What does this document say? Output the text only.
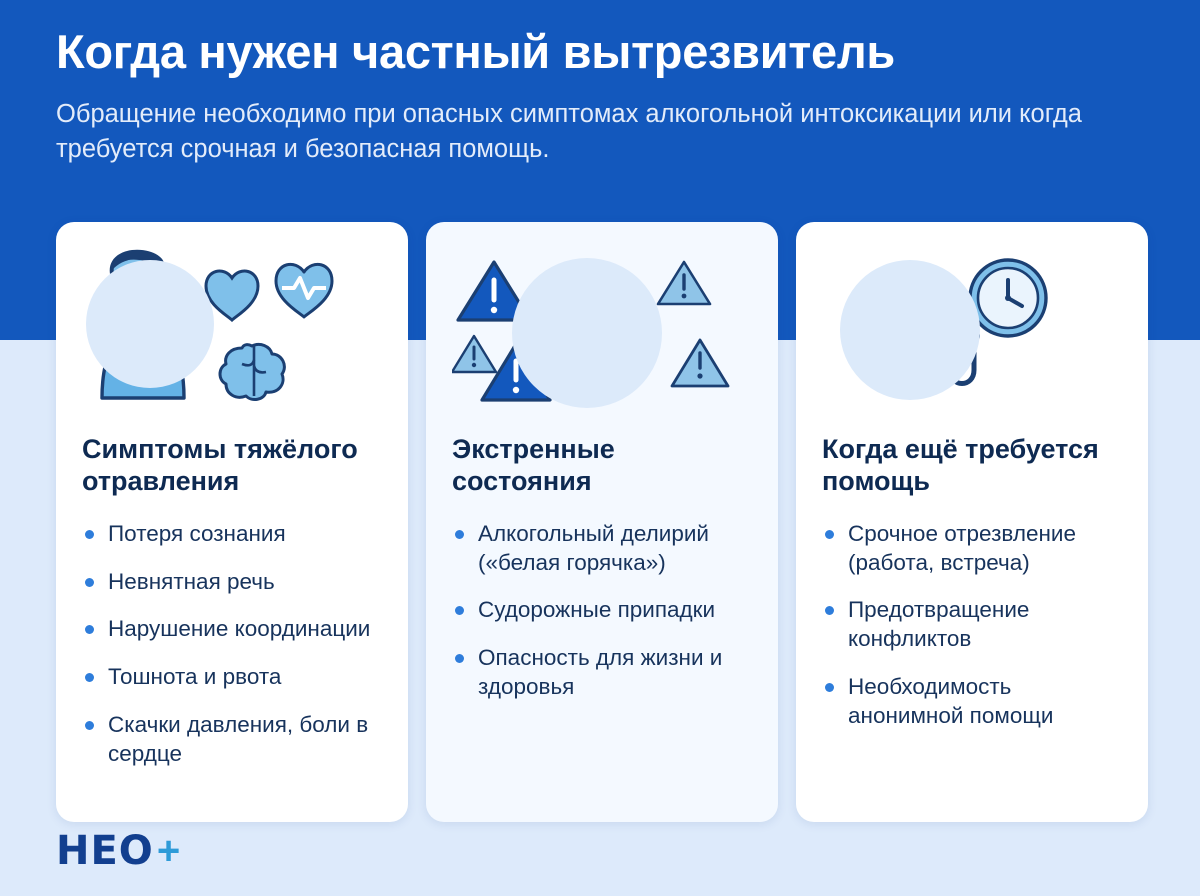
Когда нужен частный вытрезвитель

Обращение необходимо при опасных симптомах алкогольной интоксикации или когда требуется срочная и безопасная помощь.

Симптомы тяжёлого отравления
Потеря сознания
Невнятная речь
Нарушение координации
Тошнота и рвота
Скачки давления, боли в сердце
Экстренные состояния
Алкогольный делирий («белая горячка»)
Судорожные припадки
Опасность для жизни и здоровья
Когда ещё требуется помощь
Срочное отрезвление (работа, встреча)
Предотвращение конфликтов
Необходимость анонимной помощи
НЕО +
